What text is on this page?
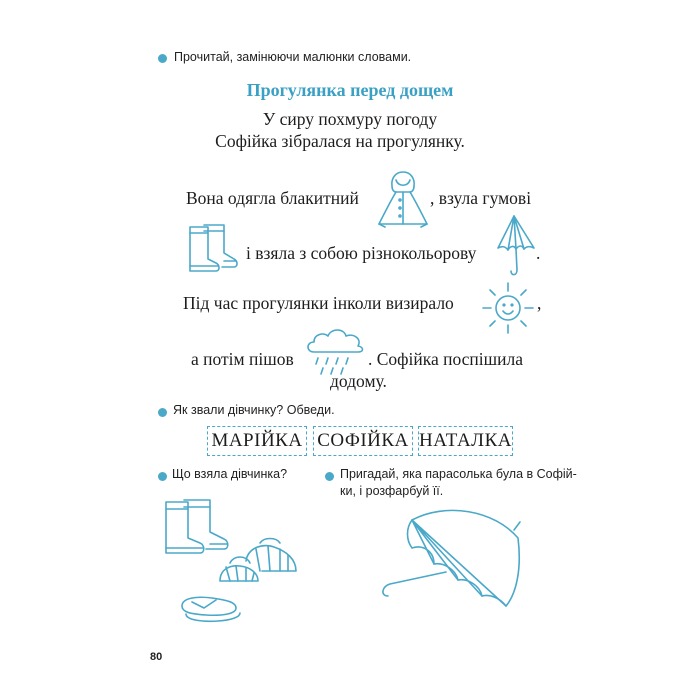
Прочитай, замінюючи малюнки словами.
Прогулянка перед дощем
У сиру похмуру погоду
Софійка зібралася на прогулянку.
Вона одягла блакитний	, взула гумові
і взяла з собою різнокольорову	.
Під час прогулянки інколи визирало	,
а потім пішов	. Софійка поспішила
додому.
Як звали дівчинку? Обведи.
МАРІЙКА СОФІЙКА НАТАЛКА
Що взяла дівчинка?	Пригадай, яка парасолька була в Софій-
ки, і розфарбуй її.
80
